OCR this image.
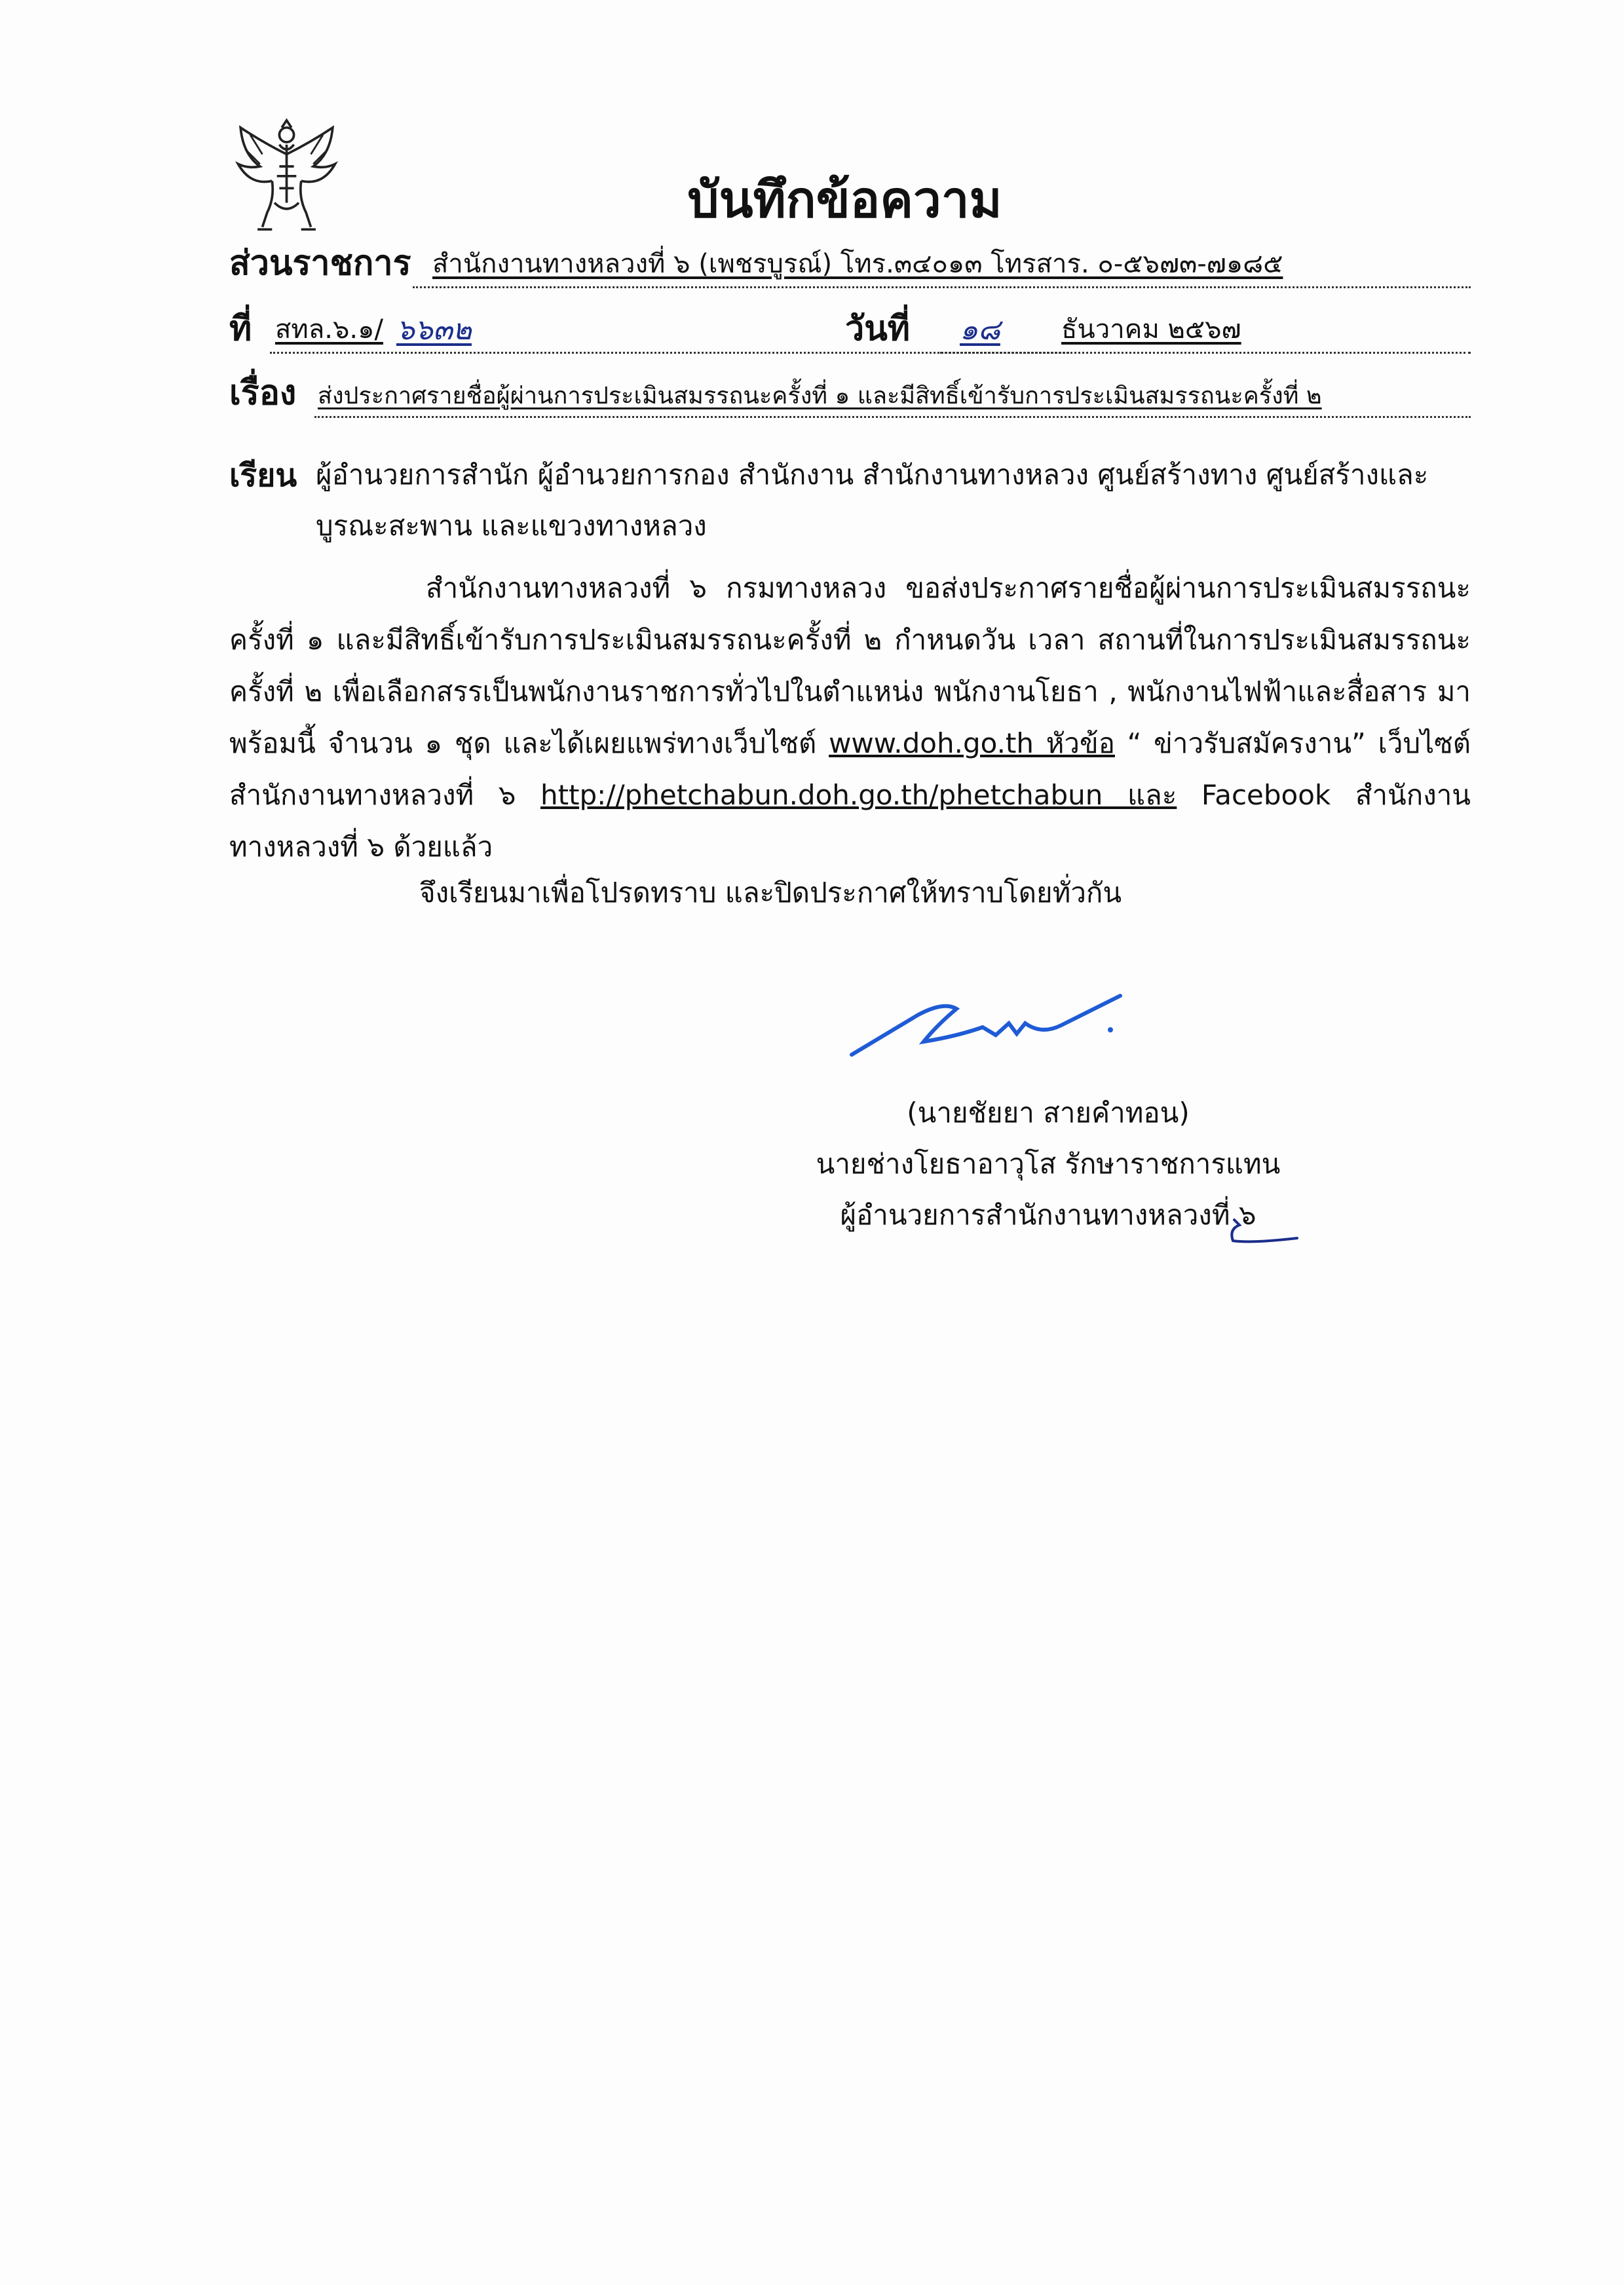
บันทึกข้อความ
ส่วนราชการ สำนักงานทางหลวงที่ ๖ (เพชรบูรณ์) โทร.๓๔๐๑๓ โทรสาร. ๐-๕๖๗๓-๗๑๘๕
ที่ สทล.๖.๑/ ๖๖๓๒	วันที่ ๑๘ ธันวาคม ๒๕๖๗
เรื่อง ส่งประกาศรายชื่อผู้ผ่านการประเมินสมรรถนะครั้งที่ ๑ และมีสิทธิ์เข้ารับการประเมินสมรรถนะครั้งที่ ๒
เรียน ผู้อำนวยการสำนัก ผู้อำนวยการกอง สำนักงาน สำนักงานทางหลวง ศูนย์สร้างทาง ศูนย์สร้างและบูรณะสะพาน และแขวงทางหลวง
สำนักงานทางหลวงที่ ๖ กรมทางหลวง ขอส่งประกาศรายชื่อผู้ผ่านการประเมินสมรรถนะครั้งที่ ๑ และมีสิทธิ์เข้ารับการประเมินสมรรถนะครั้งที่ ๒ กำหนดวัน เวลา สถานที่ในการประเมินสมรรถนะครั้งที่ ๒ เพื่อเลือกสรรเป็นพนักงานราชการทั่วไปในตำแหน่ง พนักงานโยธา , พนักงานไฟฟ้าและสื่อสาร มาพร้อมนี้ จำนวน ๑ ชุด และได้เผยแพร่ทางเว็บไซต์ www.doh.go.th หัวข้อ “ ข่าวรับสมัครงาน” เว็บไซต์ สำนักงานทางหลวงที่ ๖ http://phetchabun.doh.go.th/phetchabun และ Facebook สำนักงานทางหลวงที่ ๖ ด้วยแล้ว
จึงเรียนมาเพื่อโปรดทราบ และปิดประกาศให้ทราบโดยทั่วกัน
(นายชัยยา สายคำทอน)
นายช่างโยธาอาวุโส รักษาราชการแทน
ผู้อำนวยการสำนักงานทางหลวงที่ ๖
